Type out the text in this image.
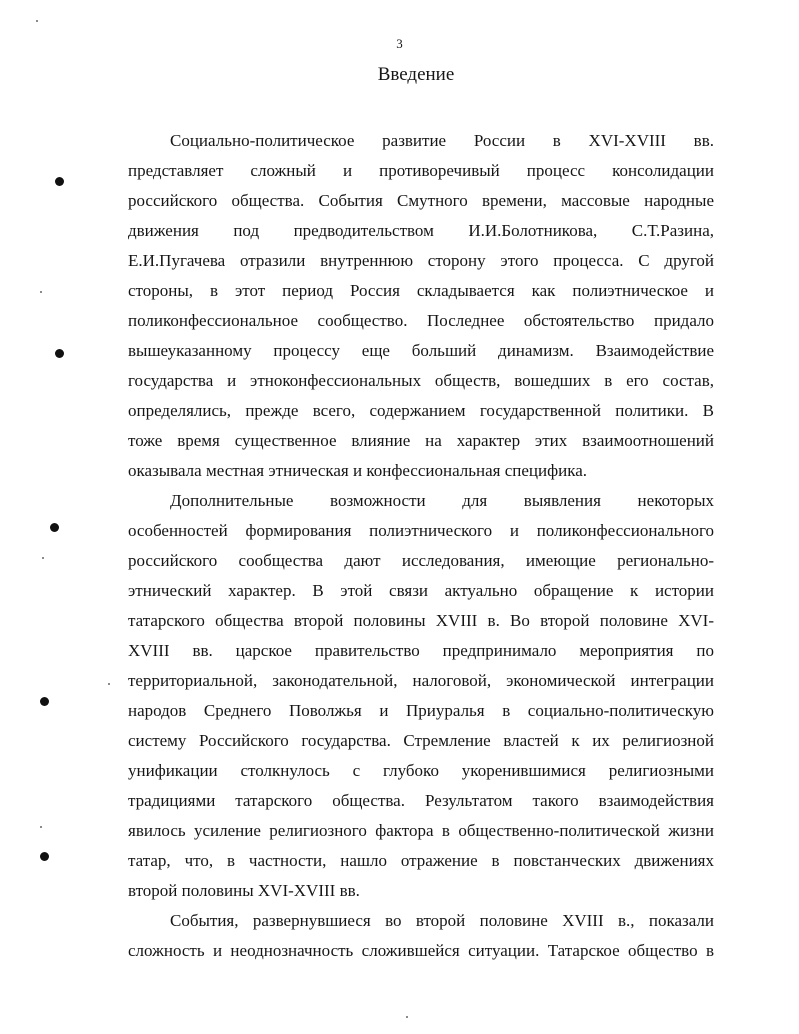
3
Введение
Социально-политическое развитие России в XVI-XVIII вв.
представляет сложный и противоречивый процесс консолидации
российского общества. События Смутного времени, массовые народные
движения под предводительством И.И.Болотникова, С.Т.Разина,
Е.И.Пугачева отразили внутреннюю сторону этого процесса. С другой
стороны, в этот период Россия складывается как полиэтническое и
поликонфессиональное сообщество. Последнее обстоятельство придало
вышеуказанному процессу еще больший динамизм. Взаимодействие
государства и этноконфессиональных обществ, вошедших в его состав,
определялись, прежде всего, содержанием государственной политики. В
тоже время существенное влияние на характер этих взаимоотношений
оказывала местная этническая и конфессиональная специфика.
Дополнительные возможности для выявления некоторых
особенностей формирования полиэтнического и поликонфессионального
российского сообщества дают исследования, имеющие регионально-
этнический характер. В этой связи актуально обращение к истории
татарского общества второй половины XVIII в. Во второй половине XVI-
XVIII вв. царское правительство предпринимало мероприятия по
территориальной, законодательной, налоговой, экономической интеграции
народов Среднего Поволжья и Приуралья в социально-политическую
систему Российского государства. Стремление властей к их религиозной
унификации столкнулось с глубоко укоренившимися религиозными
традициями татарского общества. Результатом такого взаимодействия
явилось усиление религиозного фактора в общественно-политической жизни
татар, что, в частности, нашло отражение в повстанческих движениях
второй половины XVI-XVIII вв.
События, развернувшиеся во второй половине XVIII в., показали
сложность и неоднозначность сложившейся ситуации. Татарское общество в
